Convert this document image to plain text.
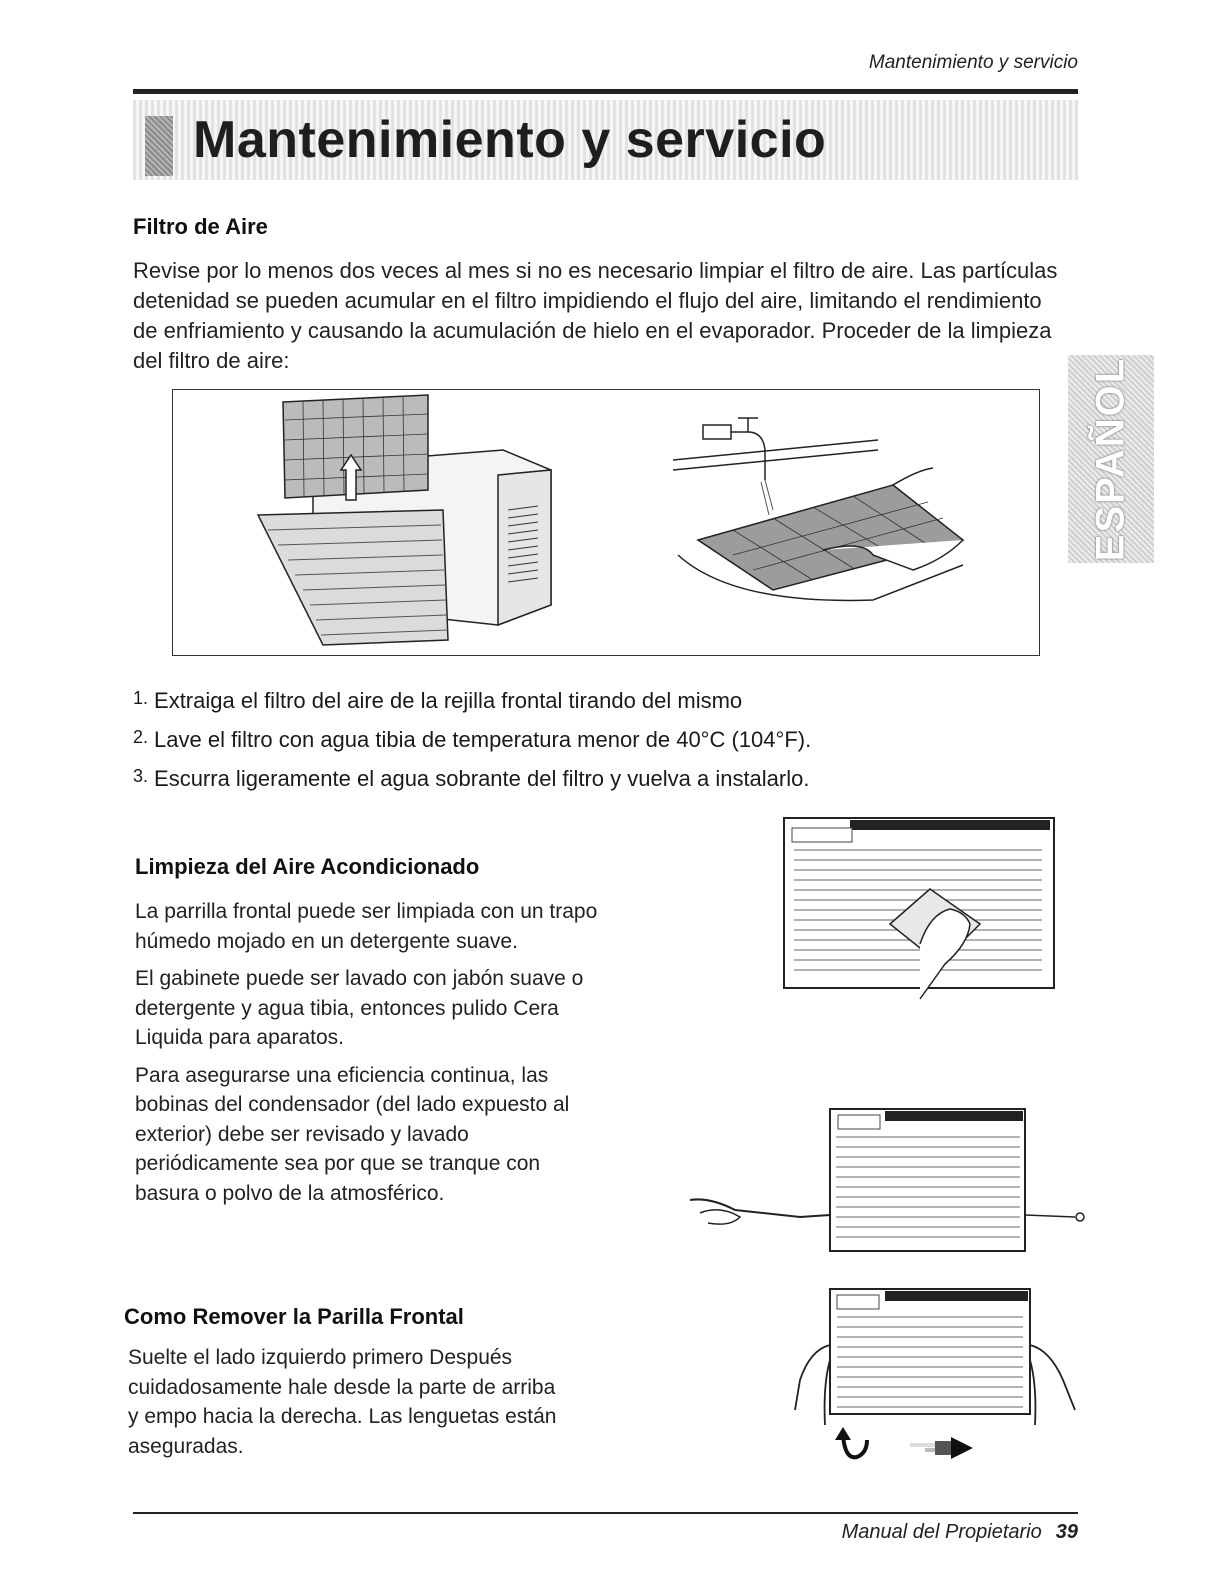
Mantenimiento y servicio
Mantenimiento y servicio
ESPAÑOL
Filtro de Aire

Revise por lo menos dos veces al mes si no es necesario limpiar el filtro de aire. Las partículas detenidad se pueden acumular en el filtro impidiendo el flujo del aire, limitando el rendimiento de enfriamiento y causando la acumulación de hielo en el evaporador. Proceder de la limpieza del filtro de aire:

1. Extraiga el filtro del aire de la rejilla frontal tirando del mismo
2. Lave el filtro con agua tibia de temperatura menor de 40°C (104°F).
3. Escurra ligeramente el agua sobrante del filtro y vuelva a instalarlo.
Limpieza del Aire Acondicionado

La parrilla frontal puede ser limpiada con un trapo húmedo mojado en un detergente suave.

El gabinete puede ser lavado con jabón suave o detergente y agua tibia, entonces pulido Cera Liquida para aparatos.

Para asegurarse una eficiencia continua, las bobinas del condensador (del lado expuesto al exterior) debe ser revisado y lavado periódicamente sea por que se tranque con basura o polvo de la atmosférico.

Como Remover la Parilla Frontal

Suelte el lado izquierdo primero Después cuidadosamente hale desde la parte de arriba y empo hacia la derecha. Las lenguetas están aseguradas.

Manual del Propietario 39
